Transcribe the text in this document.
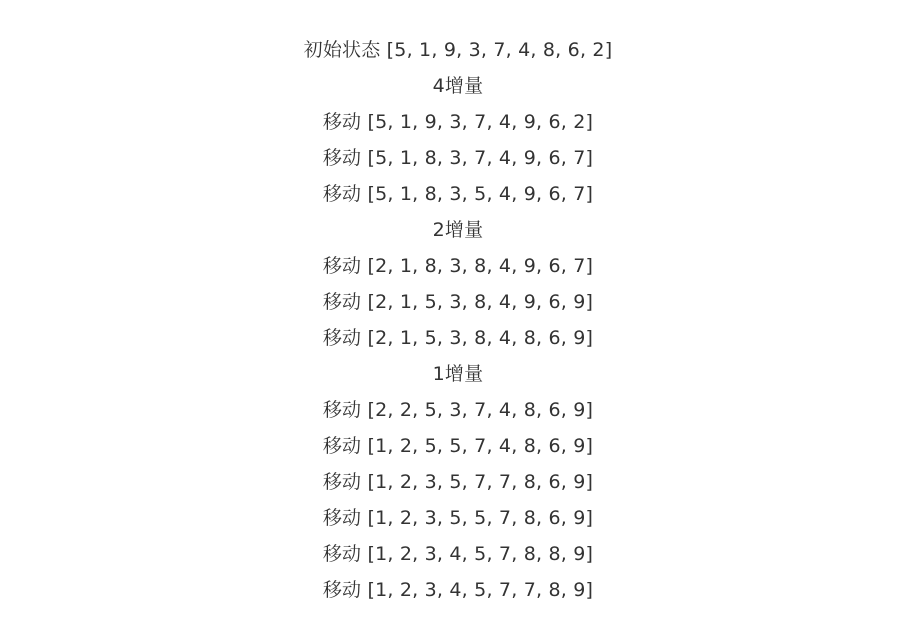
初始状态 [5, 1, 9, 3, 7, 4, 8, 6, 2]
4增量
移动 [5, 1, 9, 3, 7, 4, 9, 6, 2]
移动 [5, 1, 8, 3, 7, 4, 9, 6, 7]
移动 [5, 1, 8, 3, 5, 4, 9, 6, 7]
2增量
移动 [2, 1, 8, 3, 8, 4, 9, 6, 7]
移动 [2, 1, 5, 3, 8, 4, 9, 6, 9]
移动 [2, 1, 5, 3, 8, 4, 8, 6, 9]
1增量
移动 [2, 2, 5, 3, 7, 4, 8, 6, 9]
移动 [1, 2, 5, 5, 7, 4, 8, 6, 9]
移动 [1, 2, 3, 5, 7, 7, 8, 6, 9]
移动 [1, 2, 3, 5, 5, 7, 8, 6, 9]
移动 [1, 2, 3, 4, 5, 7, 8, 8, 9]
移动 [1, 2, 3, 4, 5, 7, 7, 8, 9]
